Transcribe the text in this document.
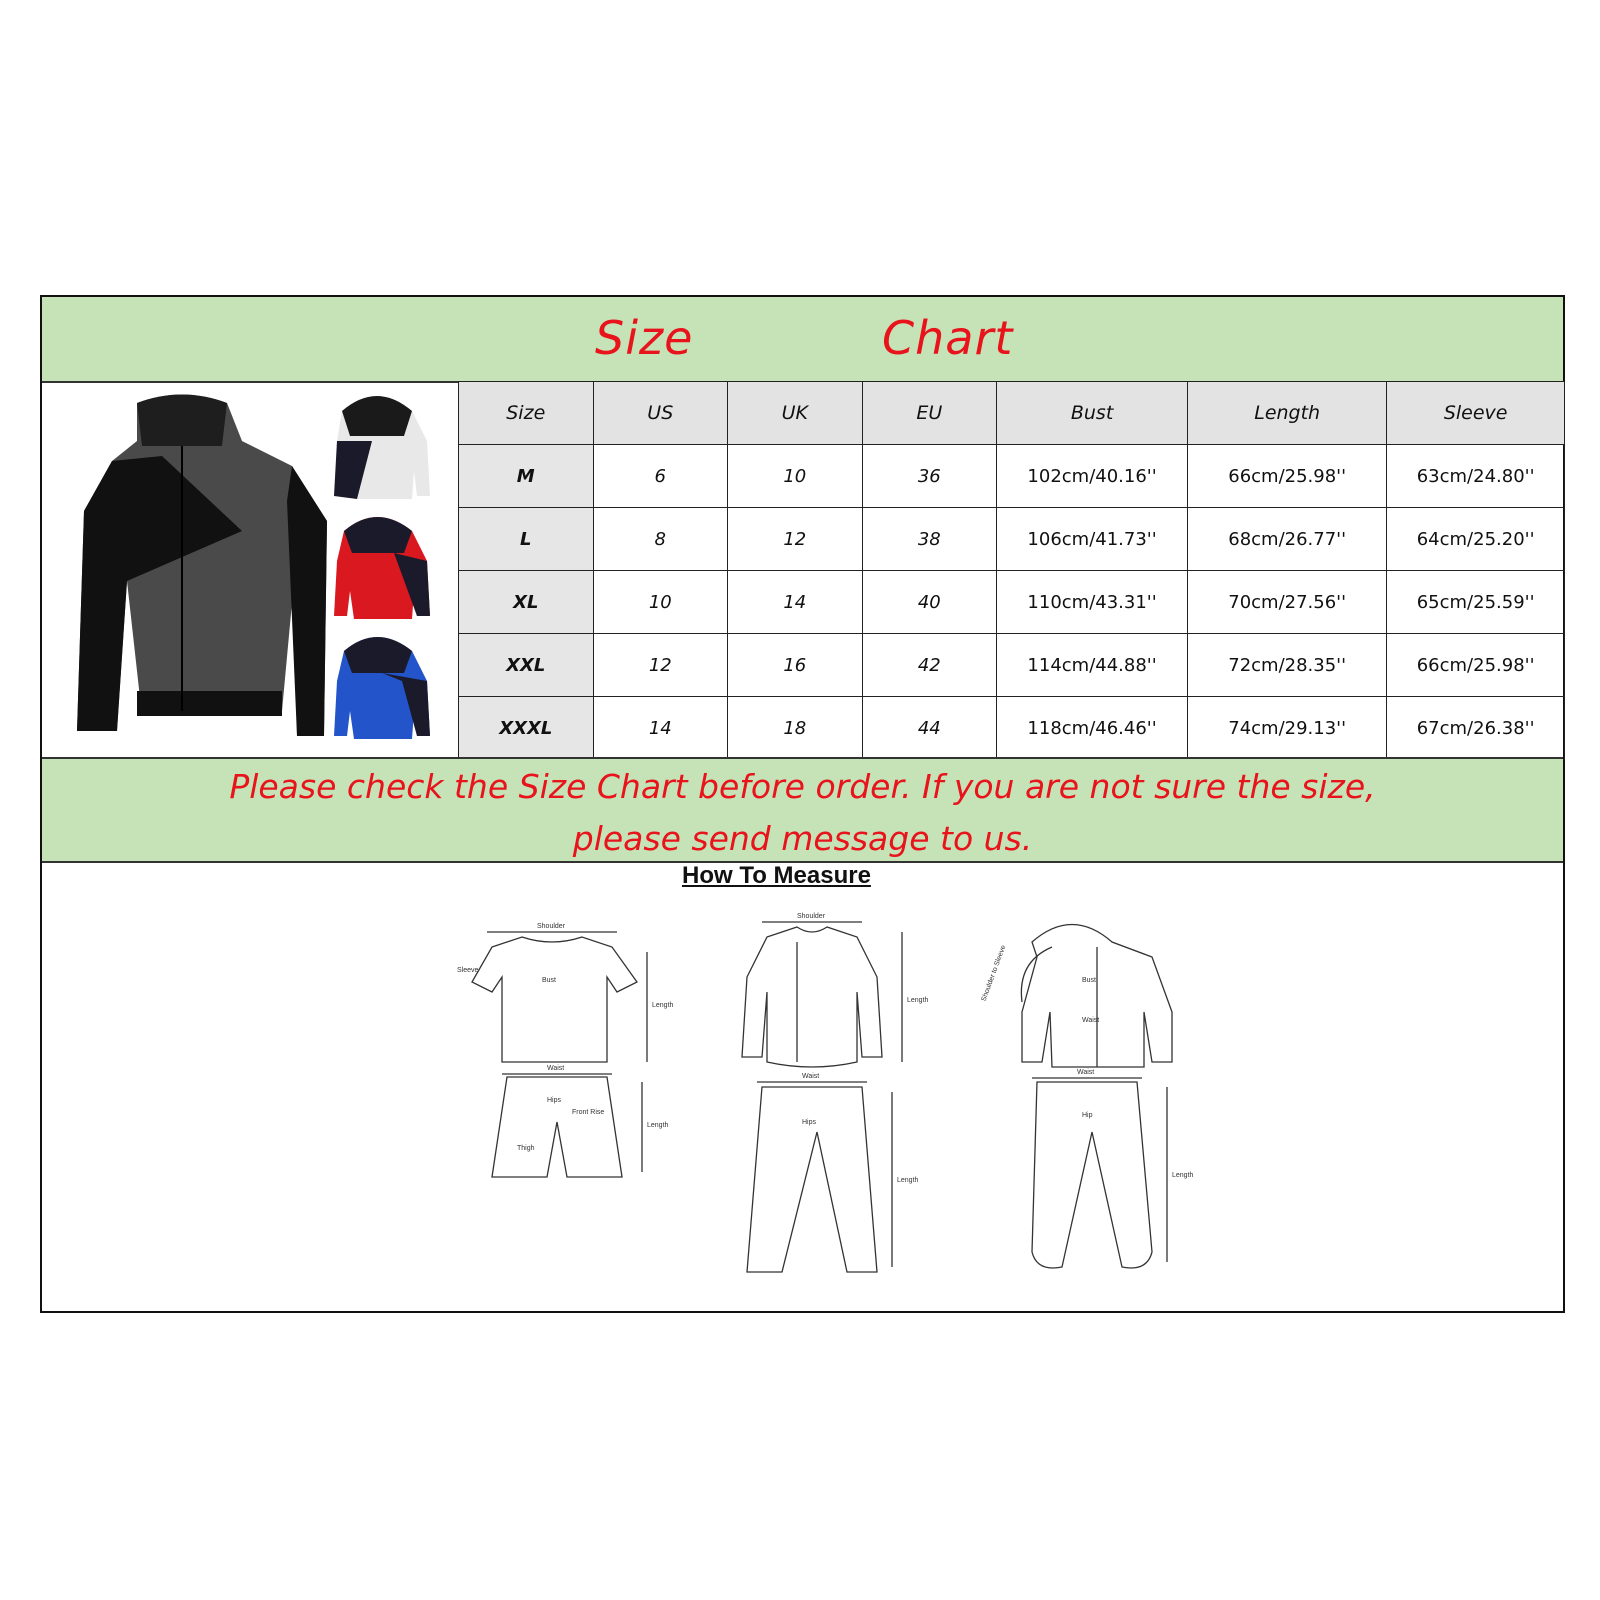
Size	Chart
Size	US	UK	EU	Bust	Length	Sleeve
M	6	10	36	102cm/40.16''	66cm/25.98''	63cm/24.80''
L	8	12	38	106cm/41.73''	68cm/26.77''	64cm/25.20''
XL	10	14	40	110cm/43.31''	70cm/27.56''	65cm/25.59''
XXL	12	16	42	114cm/44.88''	72cm/28.35''	66cm/25.98''
XXXL	14	18	44	118cm/46.46''	74cm/29.13''	67cm/26.38''
Please check the Size Chart before order. If you are not sure the size,
please send message to us.
How To Measure
Shoulder
Bust
Length
Sleeve
Waist
Hips
Front Rise
Thigh
Length
Shoulder
Length
Waist
Hips
Length
Shoulder to Sleeve	Bust
Waist
Waist
Hip
Length
